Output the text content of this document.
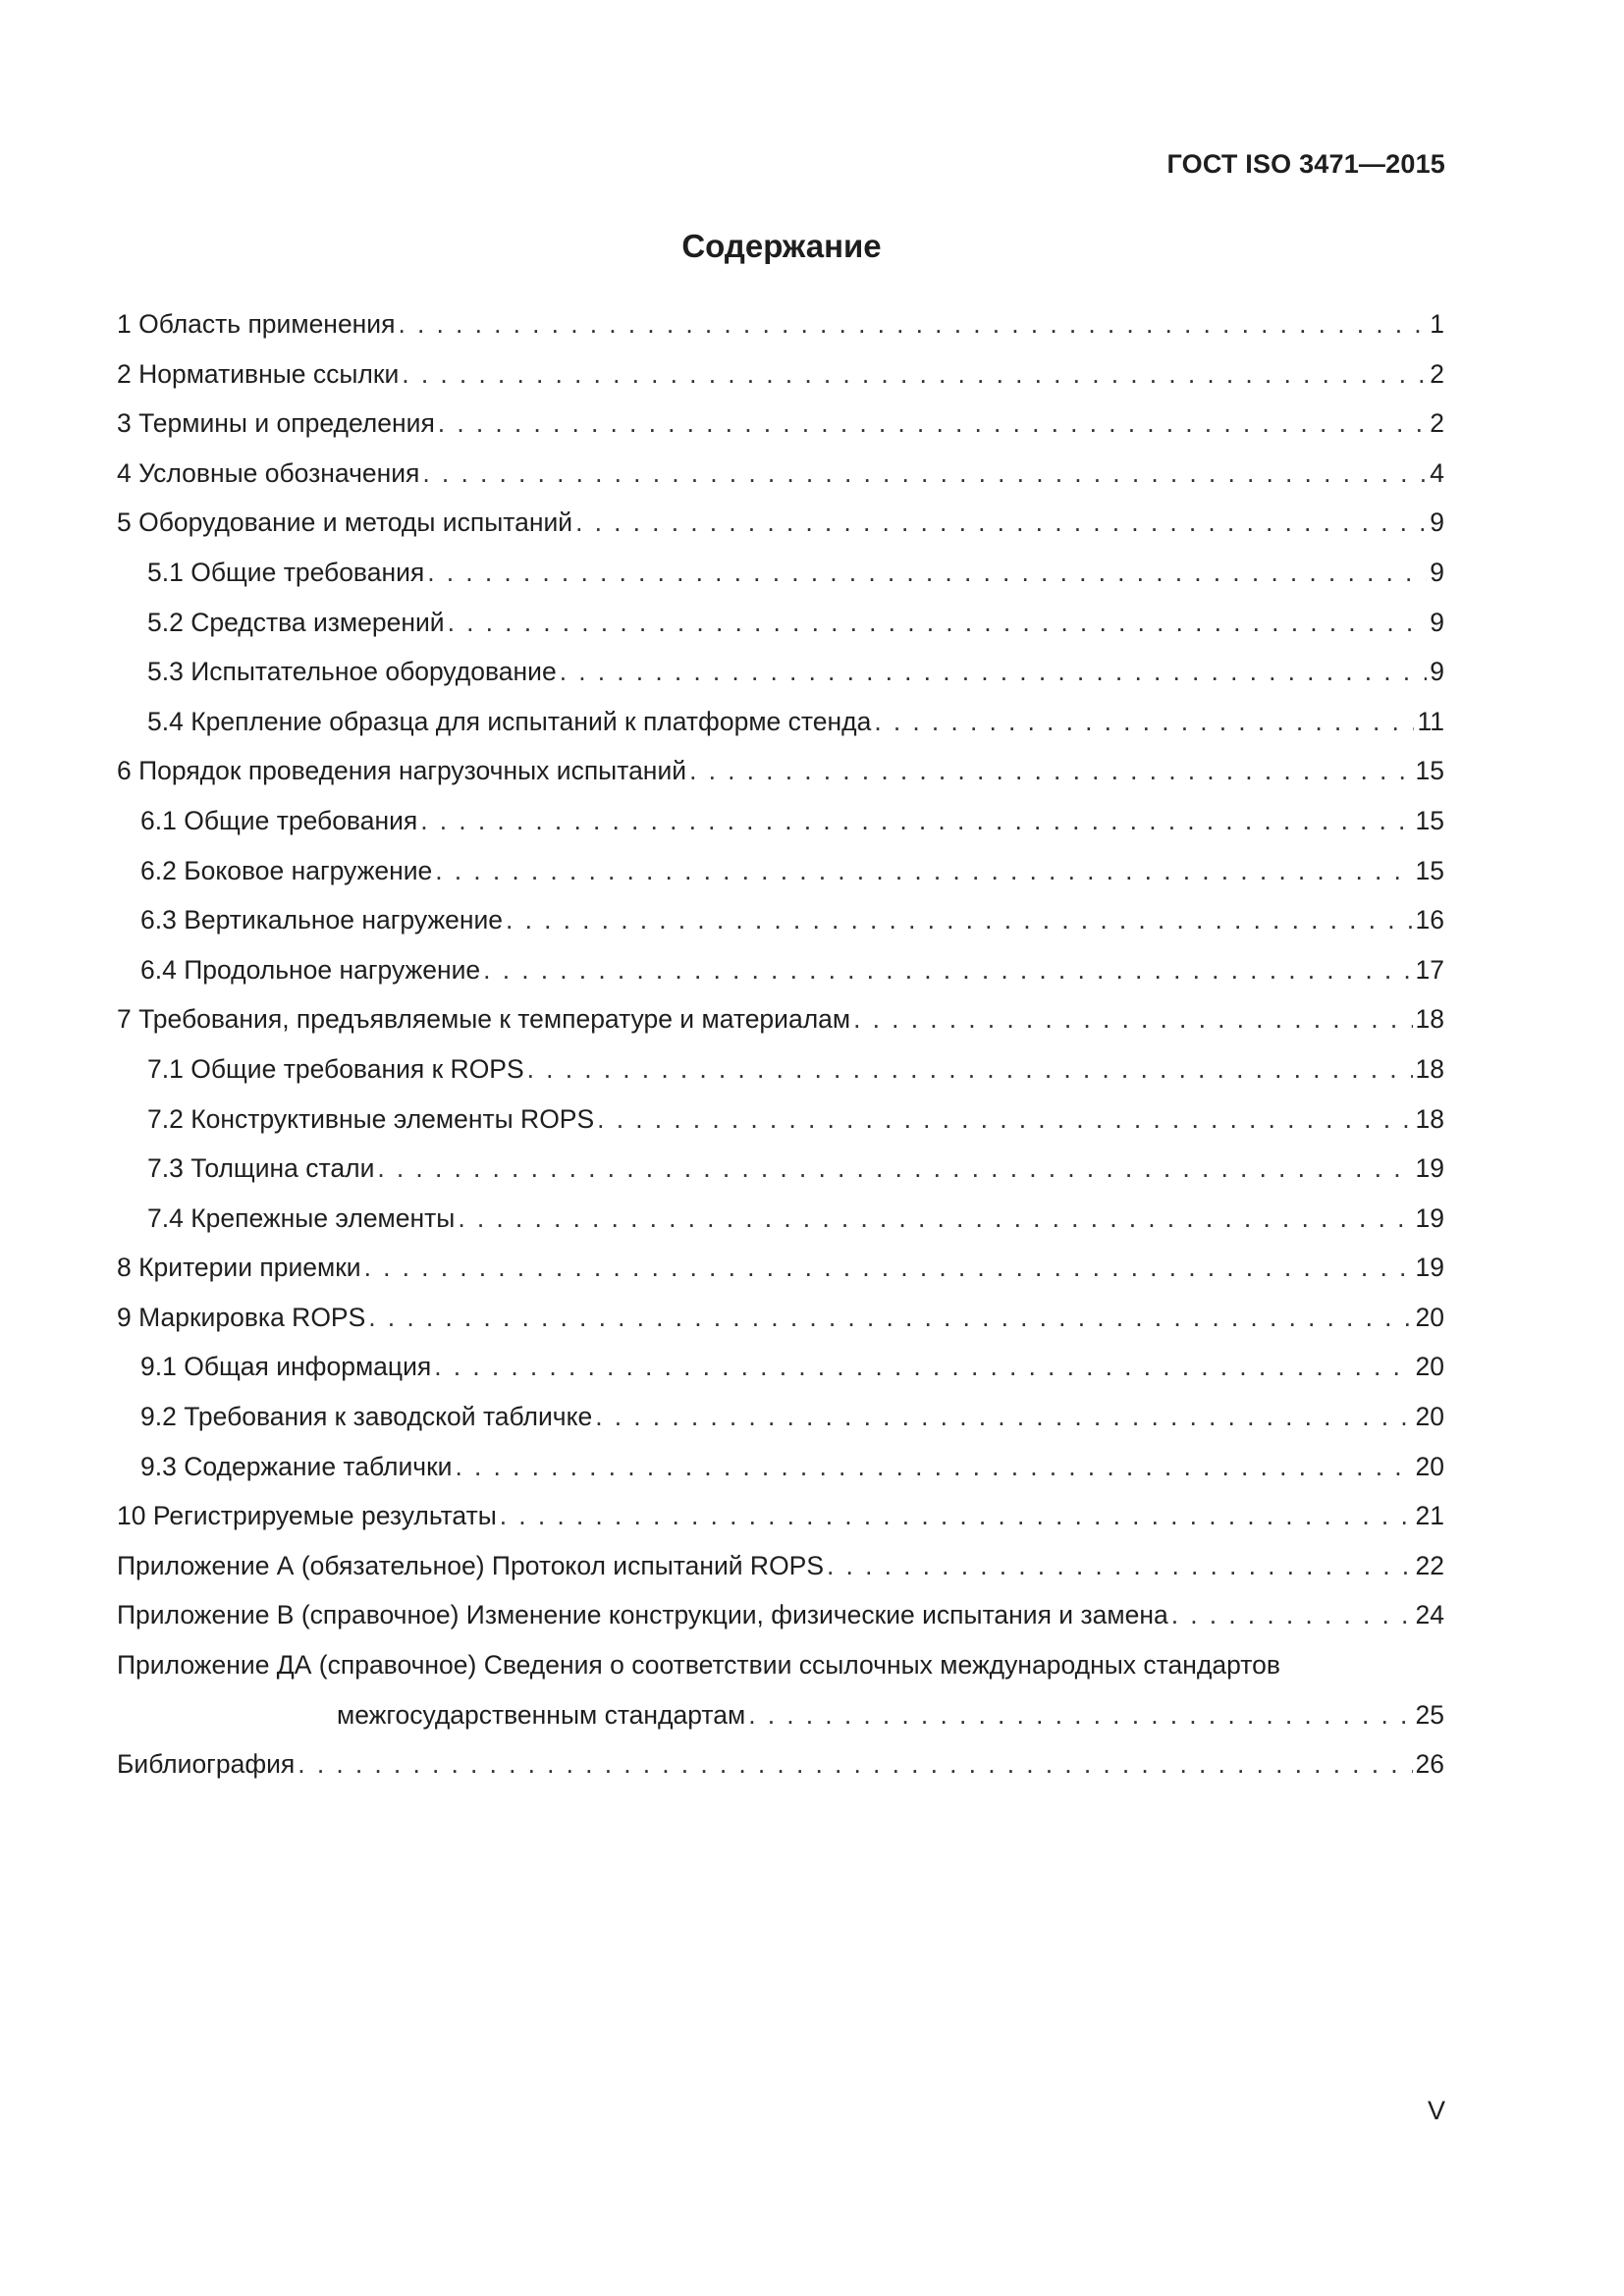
ГОСТ ISO 3471—2015
Содержание
1 Область применения . . .	1
2 Нормативные ссылки . . .	2
3 Термины и определения . . .	2
4 Условные обозначения . . .	4
5 Оборудование и методы испытаний . . .	9
5.1 Общие требования . . .	9
5.2 Средства измерений . . .	9
5.3 Испытательное оборудование . . .	9
5.4 Крепление образца для испытаний к платформе стенда . . .	11
6 Порядок проведения нагрузочных испытаний . . .	15
6.1 Общие требования . . .	15
6.2 Боковое нагружение . . .	15
6.3 Вертикальное нагружение . . .	16
6.4 Продольное нагружение . . .	17
7 Требования, предъявляемые к температуре и материалам . . .	18
7.1 Общие требования к ROPS . . .	18
7.2 Конструктивные элементы ROPS . . .	18
7.3 Толщина стали . . .	19
7.4 Крепежные элементы . . .	19
8 Критерии приемки . . .	19
9 Маркировка ROPS . . .	20
9.1 Общая информация . . .	20
9.2 Требования к заводской табличке . . .	20
9.3 Содержание таблички . . .	20
10 Регистрируемые результаты . . .	21
Приложение А (обязательное) Протокол испытаний ROPS . . .	22
Приложение В (справочное) Изменение конструкции, физические испытания и замена . . .	24
Приложение ДА (справочное) Сведения о соответствии ссылочных международных стандартов
межгосударственным стандартам . . .	25
Библиография . . .	26
V
